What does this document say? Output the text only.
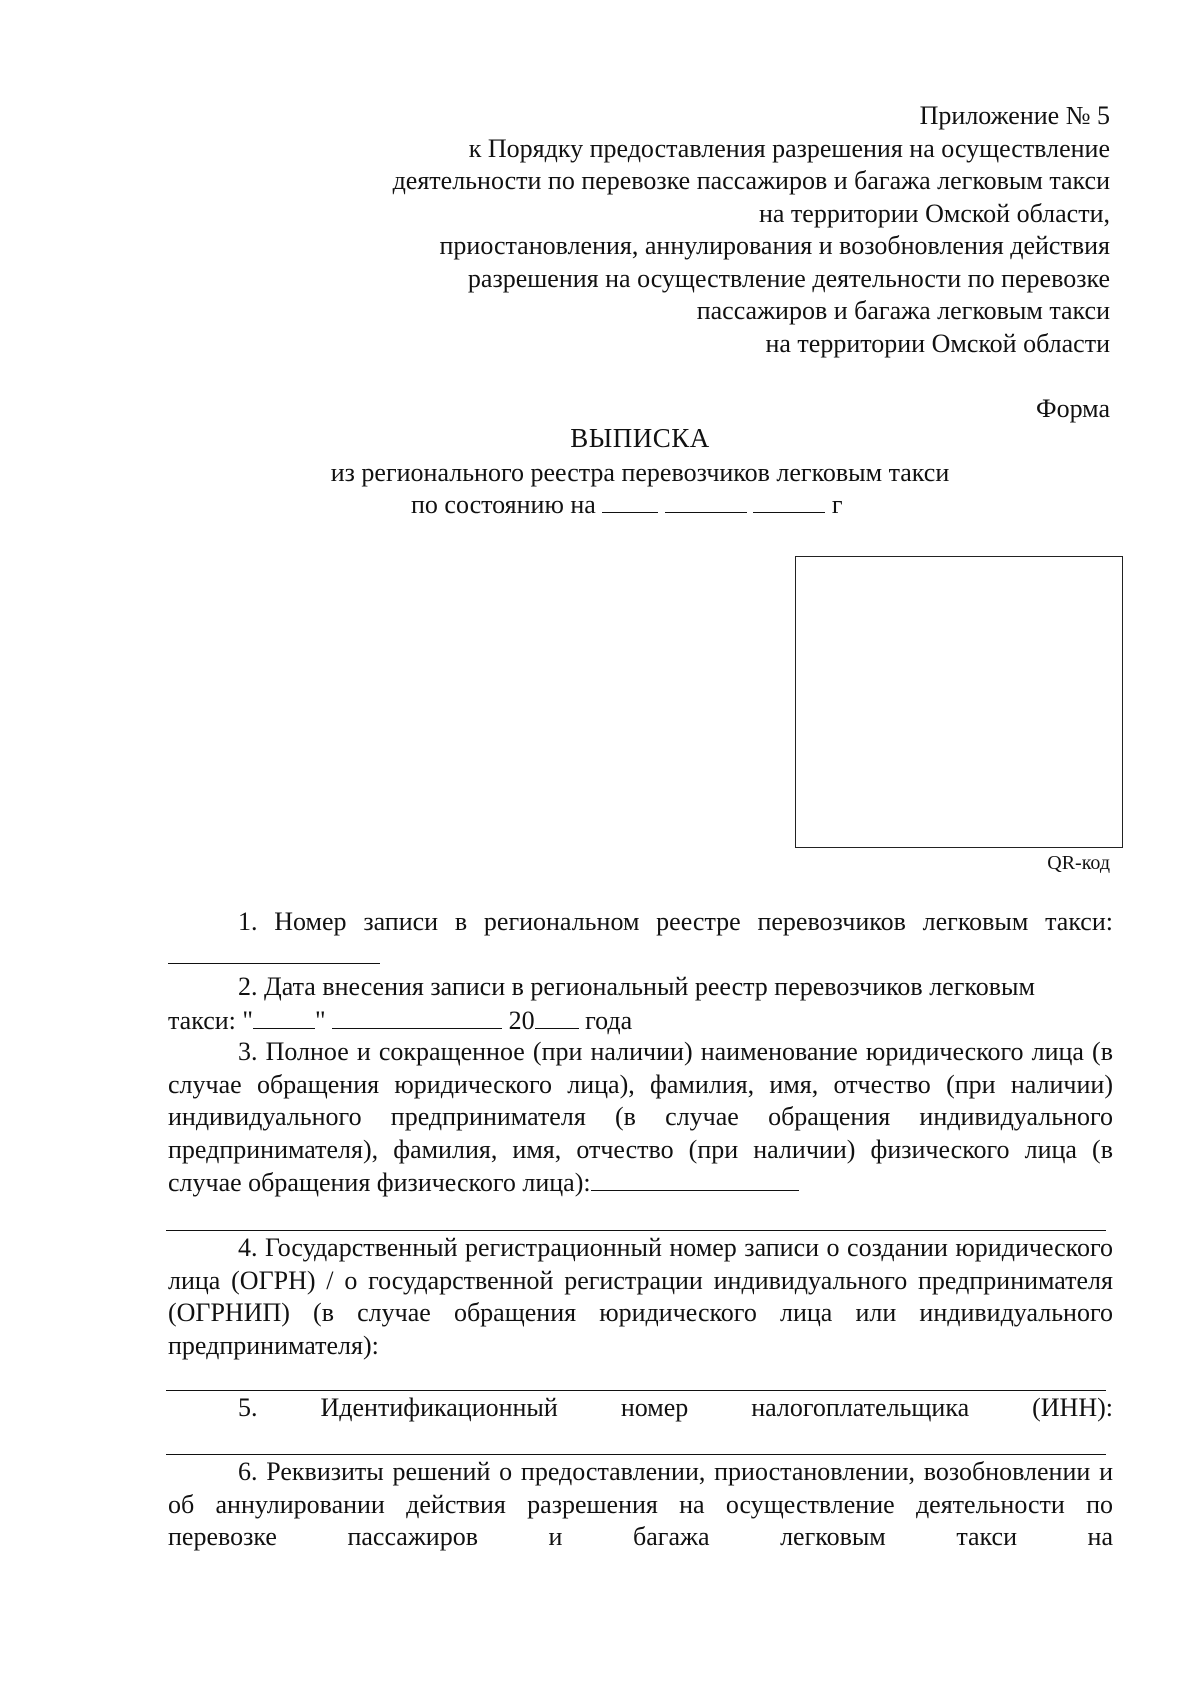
Приложение № 5
к Порядку предоставления разрешения на осуществление
деятельности по перевозке пассажиров и багажа легковым такси
на территории Омской области,
приостановления, аннулирования и возобновления действия
разрешения на осуществление деятельности по перевозке
пассажиров и багажа легковым такси
на территории Омской области
Форма
ВЫПИСКА
из регионального реестра перевозчиков легковым такси
по состоянию на	г
QR-код

1. Номер записи в региональном реестре перевозчиков легковым такси:

2. Дата внесения записи в региональный реестр перевозчиков легковым

такси: " "	20 года

3. Полное и сокращенное (при наличии) наименование юридического лица (в случае обращения юридического лица), фамилия, имя, отчество (при наличии) индивидуального предпринимателя (в случае обращения индивидуального предпринимателя), фамилия, имя, отчество (при наличии) физического лица (в случае обращения физического лица):

4. Государственный регистрационный номер записи о создании юридического лица (ОГРН) / о государственной регистрации индивидуального предпринимателя (ОГРНИП) (в случае обращения юридического лица или индивидуального предпринимателя):

5. Идентификационный номер налогоплательщика (ИНН):

6. Реквизиты решений о предоставлении, приостановлении, возобновлении и об аннулировании действия разрешения на осуществление деятельности по перевозке пассажиров и багажа легковым такси на
